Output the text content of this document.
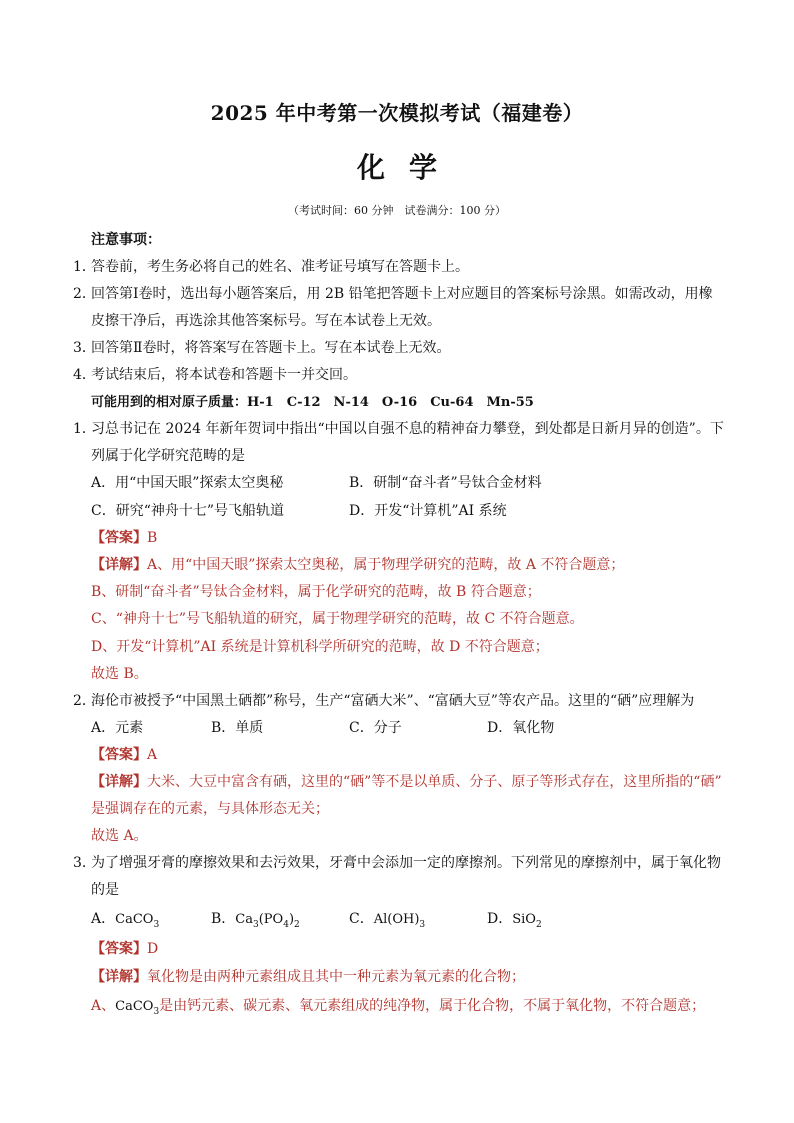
2025 年中考第一次模拟考试（福建卷）
化 学
（考试时间：60 分钟　试卷满分：100 分）
注意事项：
1．
答卷前，考生务必将自己的姓名、准考证号填写在答题卡上。
2．
回答第Ⅰ卷时，选出每小题答案后，用 2B 铅笔把答题卡上对应题目的答案标号涂黑。如需改动，用橡
皮擦干净后，再选涂其他答案标号。写在本试卷上无效。
3．
回答第Ⅱ卷时，将答案写在答题卡上。写在本试卷上无效。
4．
考试结束后，将本试卷和答题卡一并交回。
可能用到的相对原子质量：H-1　C-12　N-14　O-16　Cu-64　Mn-55
1．
习总书记在 2024 年新年贺词中指出“中国以自强不息的精神奋力攀登，到处都是日新月异的创造”。下
列属于化学研究范畴的是
A．用“中国天眼”探索太空奥秘	B．研制“奋斗者”号钛合金材料
C．研究“神舟十七”号飞船轨道	D．开发“计算机”AI 系统
【答案】B
【详解】A、用“中国天眼”探索太空奥秘，属于物理学研究的范畴，故 A 不符合题意；
B、研制“奋斗者”号钛合金材料，属于化学研究的范畴，故 B 符合题意；
C、“神舟十七”号飞船轨道的研究，属于物理学研究的范畴，故 C 不符合题意。
D、开发“计算机”AI 系统是计算机科学所研究的范畴，故 D 不符合题意；
故选 B。
2．
海伦市被授予“中国黑土硒都”称号，生产“富硒大米”、“富硒大豆”等农产品。这里的“硒”应理解为
A．元素	B．单质	C．分子	D．氧化物
【答案】A
【详解】大米、大豆中富含有硒，这里的“硒”等不是以单质、分子、原子等形式存在，这里所指的“硒”
是强调存在的元素，与具体形态无关；
故选 A。
3．
为了增强牙膏的摩擦效果和去污效果，牙膏中会添加一定的摩擦剂。下列常见的摩擦剂中，属于氧化物
的是
A．CaCO$_3$	B．$Ca_3(PO_4)_2$	C．$Al(OH)_3$	D．SiO$_2$
【答案】D
【详解】氧化物是由两种元素组成且其中一种元素为氧元素的化合物；
A、CaCO$_3$是由钙元素、碳元素、氧元素组成的纯净物，属于化合物，不属于氧化物，不符合题意；
